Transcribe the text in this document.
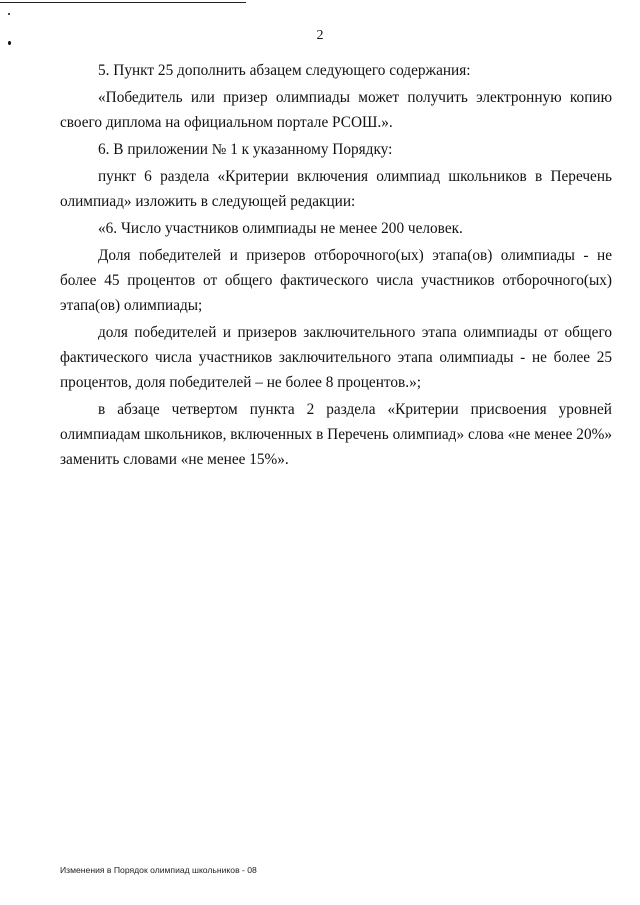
2

5. Пункт 25 дополнить абзацем следующего содержания:

«Победитель или призер олимпиады может получить электронную копию своего диплома на официальном портале РСОШ.».

6. В приложении № 1 к указанному Порядку:

пункт 6 раздела «Критерии включения олимпиад школьников в Перечень олимпиад» изложить в следующей редакции:

«6. Число участников олимпиады не менее 200 человек.

Доля победителей и призеров отборочного(ых) этапа(ов) олимпиады - не более 45 процентов от общего фактического числа участников отборочного(ых) этапа(ов) олимпиады;

доля победителей и призеров заключительного этапа олимпиады от общего фактического числа участников заключительного этапа олимпиады - не более 25 процентов, доля победителей – не более 8 процентов.»;

в абзаце четвертом пункта 2 раздела «Критерии присвоения уровней олимпиадам школьников, включенных в Перечень олимпиад» слова «не менее 20%» заменить словами «не менее 15%».

Изменения в Порядок олимпиад школьников - 08
